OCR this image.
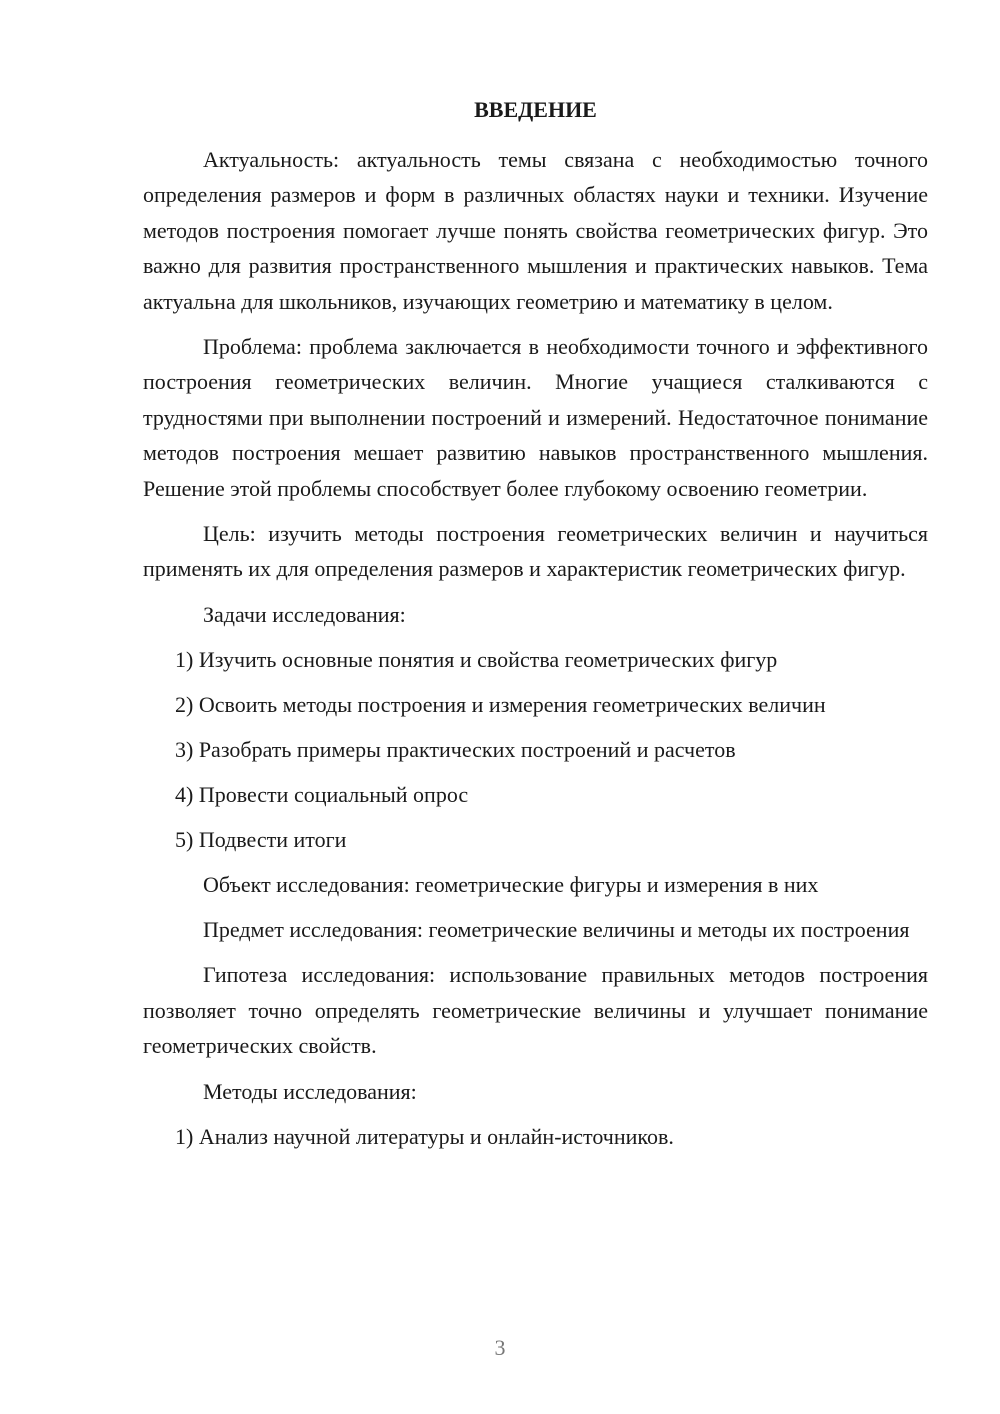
ВВЕДЕНИЕ

Актуальность: актуальность темы связана с необходимостью точного определения размеров и форм в различных областях науки и техники. Изучение методов построения помогает лучше понять свойства геометрических фигур. Это важно для развития пространственного мышления и практических навыков. Тема актуальна для школьников, изучающих геометрию и математику в целом.

Проблема: проблема заключается в необходимости точного и эффективного построения геометрических величин. Многие учащиеся сталкиваются с трудностями при выполнении построений и измерений. Недостаточное понимание методов построения мешает развитию навыков пространственного мышления. Решение этой проблемы способствует более глубокому освоению геометрии.

Цель: изучить методы построения геометрических величин и научиться применять их для определения размеров и характеристик геометрических фигур.

Задачи исследования:

1) Изучить основные понятия и свойства геометрических фигур
2) Освоить методы построения и измерения геометрических величин
3) Разобрать примеры практических построений и расчетов
4) Провести социальный опрос
5) Подвести итоги

Объект исследования: геометрические фигуры и измерения в них

Предмет исследования: геометрические величины и методы их построения

Гипотеза исследования: использование правильных методов построения позволяет точно определять геометрические величины и улучшает понимание геометрических свойств.

Методы исследования:

1) Анализ научной литературы и онлайн-источников.
3
